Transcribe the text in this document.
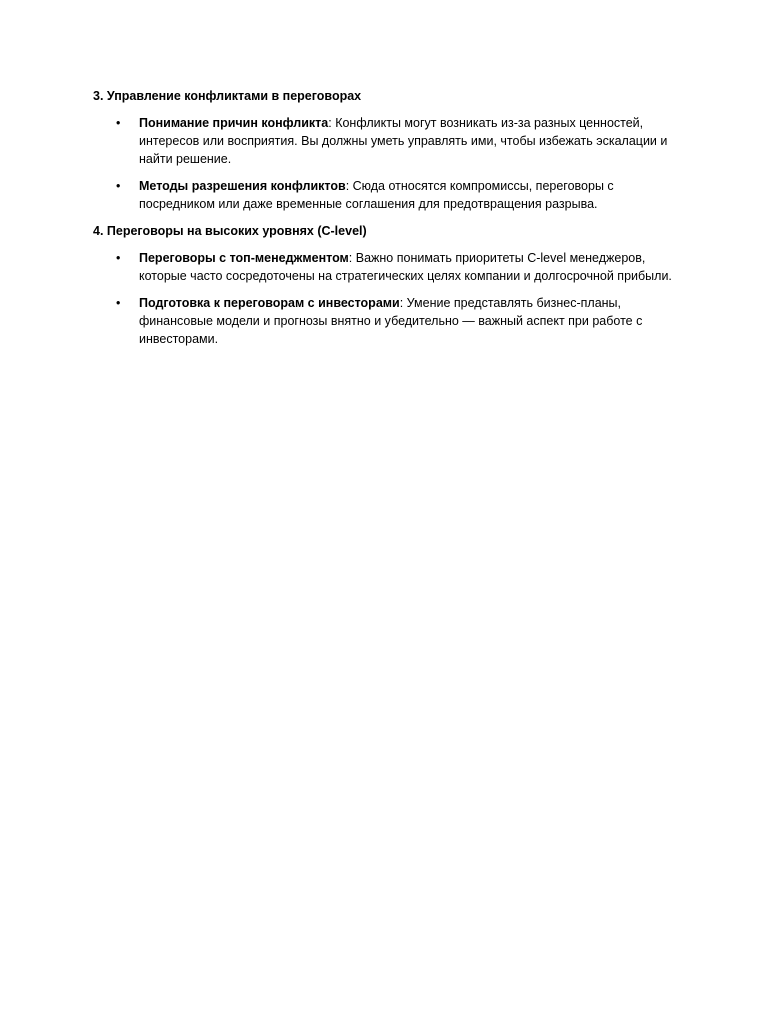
3. Управление конфликтами в переговорах

• Понимание причин конфликта: Конфликты могут возникать из-за разных ценностей, интересов или восприятия. Вы должны уметь управлять ими, чтобы избежать эскалации и найти решение.
• Методы разрешения конфликтов: Сюда относятся компромиссы, переговоры с посредником или даже временные соглашения для предотвращения разрыва.

4. Переговоры на высоких уровнях (C-level)

• Переговоры с топ-менеджментом: Важно понимать приоритеты C-level менеджеров, которые часто сосредоточены на стратегических целях компании и долгосрочной прибыли.
• Подготовка к переговорам с инвесторами: Умение представлять бизнес-планы, финансовые модели и прогнозы внятно и убедительно — важный аспект при работе с инвесторами.
